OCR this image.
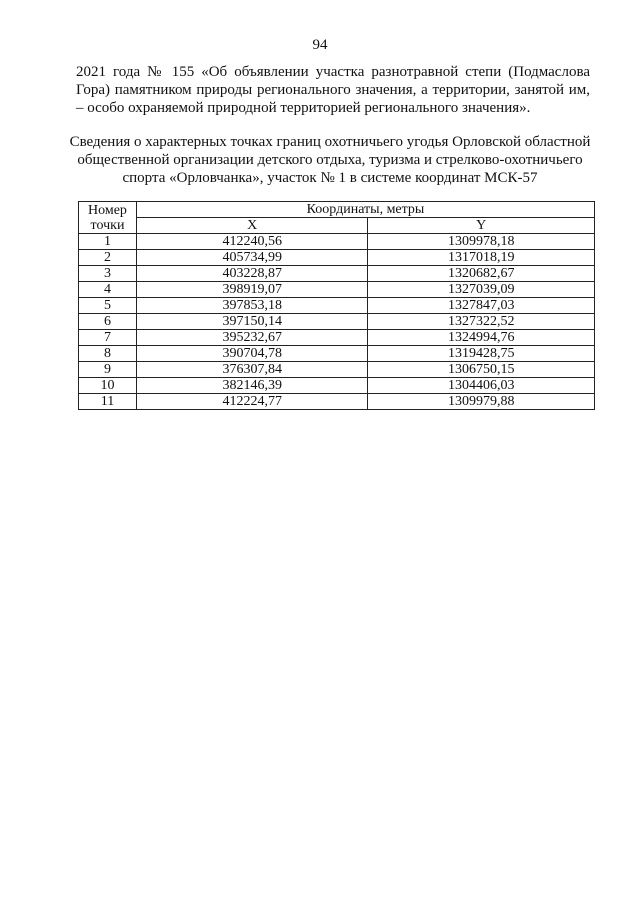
94
2021 года № 155 «Об объявлении участка разнотравной степи (Подмаслова Гора) памятником природы регионального значения, а территории, занятой им, – особо охраняемой природной территорией регионального значения».
Сведения о характерных точках границ охотничьего угодья Орловской областной общественной организации детского отдыха, туризма и стрелково-охотничьего спорта «Орловчанка», участок № 1 в системе координат МСК-57
Номер
точки	Координаты, метры	
	X	Y
1	412240,56	1309978,18
2	405734,99	1317018,19
3	403228,87	1320682,67
4	398919,07	1327039,09
5	397853,18	1327847,03
6	397150,14	1327322,52
7	395232,67	1324994,76
8	390704,78	1319428,75
9	376307,84	1306750,15
10	382146,39	1304406,03
11	412224,77	1309979,88
